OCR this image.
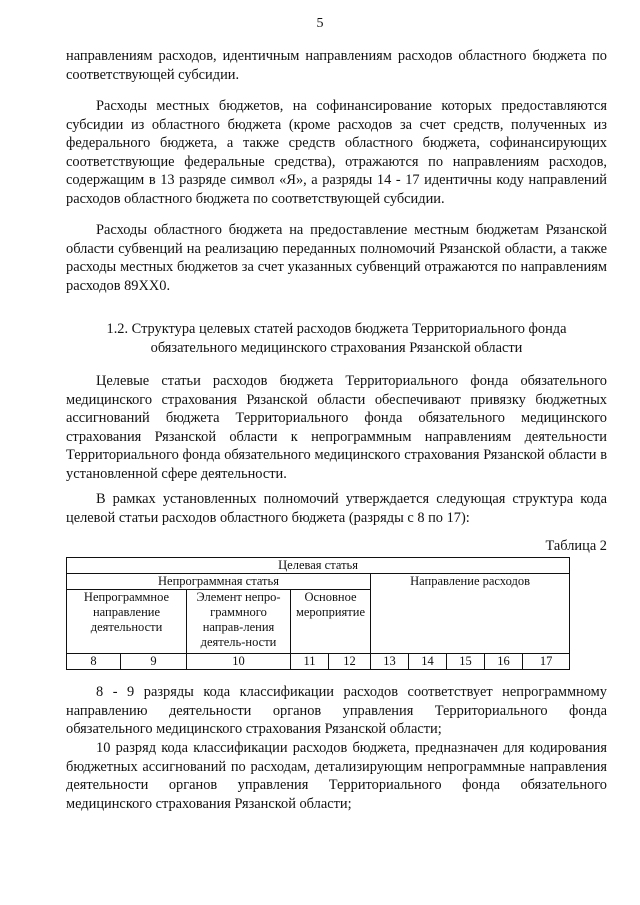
5

направлениям расходов, идентичным направлениям расходов областного бюджета по соответствующей субсидии.

Расходы местных бюджетов, на софинансирование которых предоставляются субсидии из областного бюджета (кроме расходов за счет средств, полученных из федерального бюджета, а также средств областного бюджета, софинансирующих соответствующие федеральные средства), отражаются по направлениям расходов, содержащим в 13 разряде символ «Я», а разряды 14 - 17 идентичны коду направлений расходов областного бюджета по соответствующей субсидии.

Расходы областного бюджета на предоставление местным бюджетам Рязанской области субвенций на реализацию переданных полномочий Рязанской области, а также расходы местных бюджетов за счет указанных субвенций отражаются по направлениям расходов 89ХХ0.

1.2. Структура целевых статей расходов бюджета Территориального фонда
обязательного медицинского страхования Рязанской области

Целевые статьи расходов бюджета Территориального фонда обязательного медицинского страхования Рязанской области обеспечивают привязку бюджетных ассигнований бюджета Территориального фонда обязательного медицинского страхования Рязанской области к непрограммным направлениям деятельности Территориального фонда обязательного медицинского страхования Рязанской области в установленной сфере деятельности.

В рамках установленных полномочий утверждается следующая структура кода целевой статьи расходов областного бюджета (разряды с 8 по 17):

Таблица 2
Целевая статья									
Непрограммная статья					Направление расходов				
Непрограммное направление деятельности		Элемент непро-граммного направ-ления деятель-ности	Основное мероприятие						
8	9	10	11	12	13	14	15	16	17

8 - 9 разряды кода классификации расходов соответствует непрограммному направлению деятельности органов управления Территориального фонда обязательного медицинского страхования Рязанской области;

10 разряд кода классификации расходов бюджета, предназначен для кодирования бюджетных ассигнований по расходам, детализирующим непрограммные направления деятельности органов управления Территориального фонда обязательного медицинского страхования Рязанской области;
